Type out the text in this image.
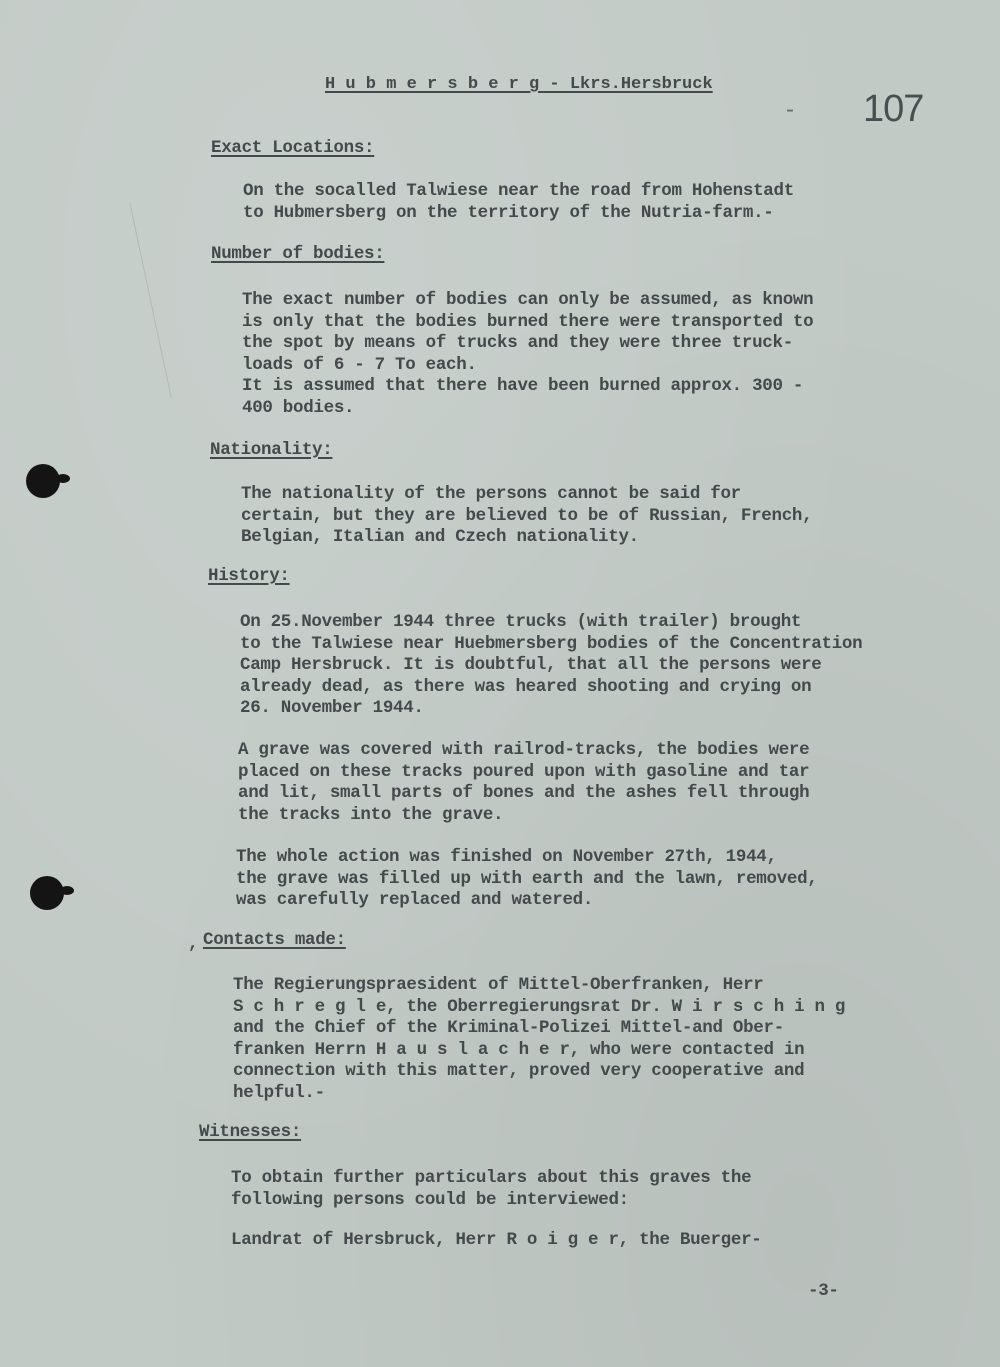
H u b m e r s b e r g - Lkrs.Hersbruck
- 107
Exact Locations:
On the socalled Talwiese near the road from Hohenstadt
to Hubmersberg on the territory of the Nutria-farm.-
Number of bodies:
The exact number of bodies can only be assumed, as known
is only that the bodies burned there were transported to
the spot by means of trucks and they were three truck-
loads of 6 - 7 To each.
It is assumed that there have been burned approx. 300 -
400 bodies.
Nationality:
The nationality of the persons cannot be said for
certain, but they are believed to be of Russian, French,
Belgian, Italian and Czech nationality.
History:
On 25.November 1944 three trucks (with trailer) brought
to the Talwiese near Huebmersberg bodies of the Concentration
Camp Hersbruck. It is doubtful, that all the persons were
already dead, as there was heared shooting and crying on
26. November 1944.
A grave was covered with railrod-tracks, the bodies were
placed on these tracks poured upon with gasoline and tar
and lit, small parts of bones and the ashes fell through
the tracks into the grave.
The whole action was finished on November 27th, 1944,
the grave was filled up with earth and the lawn, removed,
was carefully replaced and watered.
, Contacts made:
The Regierungspraesident of Mittel-Oberfranken, Herr
S c h r e g l e, the Oberregierungsrat Dr. W i r s c h i n g
and the Chief of the Kriminal-Polizei Mittel-and Ober-
franken Herrn H a u s l a c h e r, who were contacted in
connection with this matter, proved very cooperative and
helpful.-
Witnesses:
To obtain further particulars about this graves the
following persons could be interviewed:
Landrat of Hersbruck, Herr R o i g e r, the Buerger-
-3-
